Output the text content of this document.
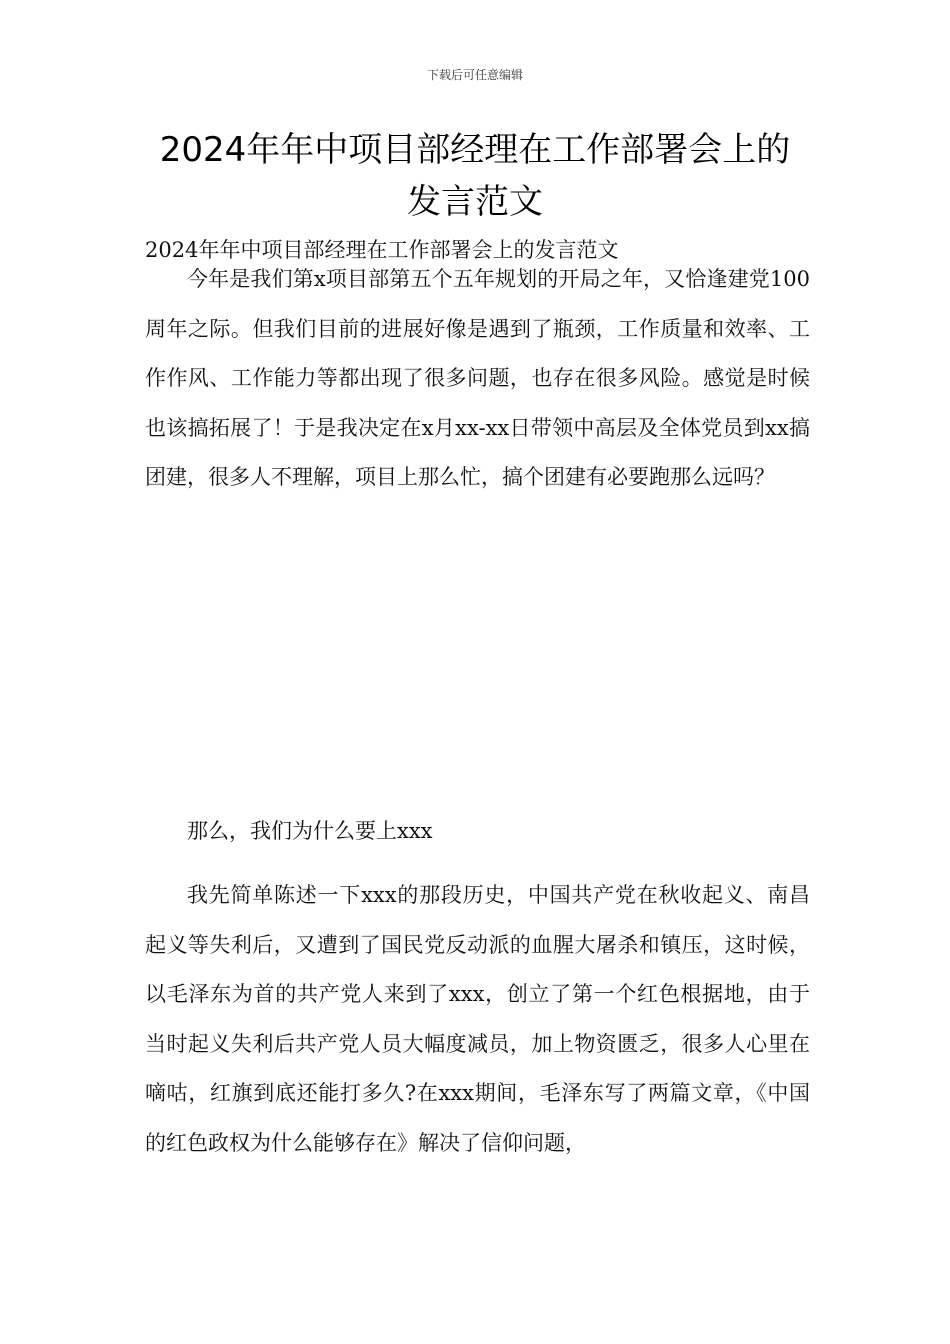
下载后可任意编辑
2024年年中项目部经理在工作部署会上的
发言范文
2024年年中项目部经理在工作部署会上的发言范文

今年是我们第x项目部第五个五年规划的开局之年，又恰逢建党100周年之际。但我们目前的进展好像是遇到了瓶颈，工作质量和效率、工作作风、工作能力等都出现了很多问题，也存在很多风险。感觉是时候也该搞拓展了！于是我决定在x月xx-xx日带领中高层及全体党员到xx搞团建，很多人不理解，项目上那么忙，搞个团建有必要跑那么远吗？

那么，我们为什么要上xxx

我先简单陈述一下xxx的那段历史，中国共产党在秋收起义、南昌起义等失利后，又遭到了国民党反动派的血腥大屠杀和镇压，这时候，以毛泽东为首的共产党人来到了xxx，创立了第一个红色根据地，由于当时起义失利后共产党人员大幅度减员，加上物资匮乏，很多人心里在嘀咕，红旗到底还能打多久?在xxx期间，毛泽东写了两篇文章，《中国的红色政权为什么能够存在》解决了信仰问题，
